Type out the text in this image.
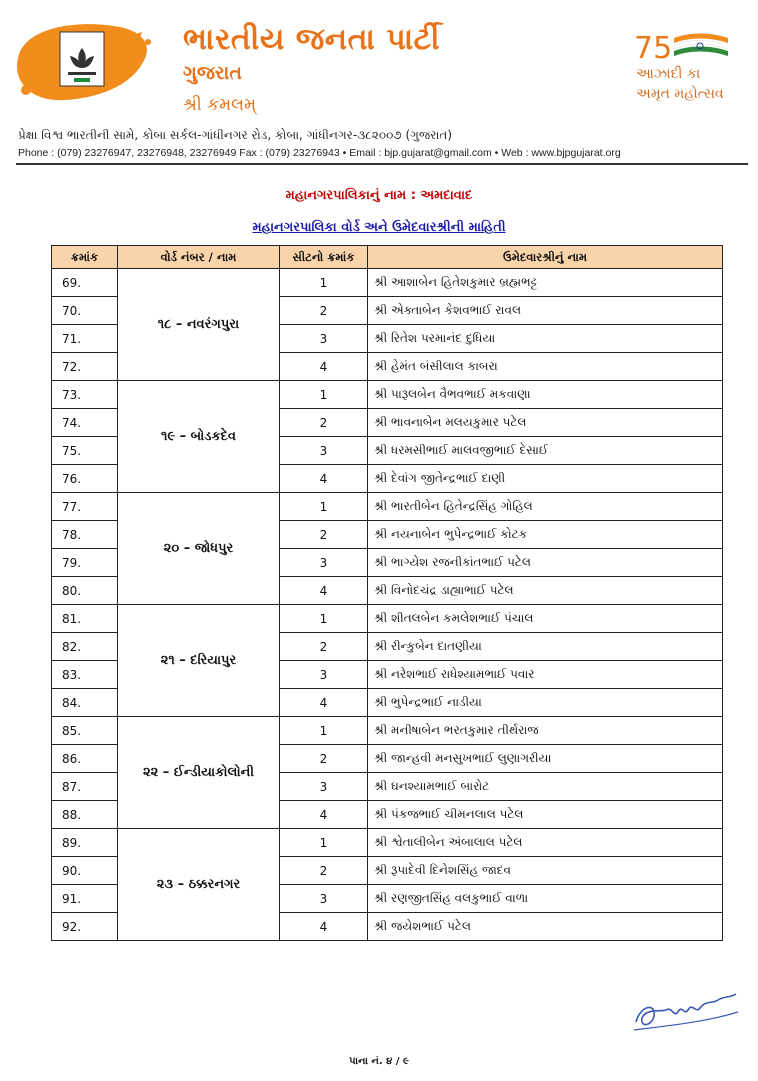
ભારતીય જનતા પાર્ટી
ગુજરાત
શ્રી કમલમ્
75
આઝાદી કા
અમૃત મહોત્સવ
પ્રેક્ષા વિશ્વ ભારતીની સામે, કોબા સર્કલ-ગાંધીનગર રોડ, કોબા, ગાંધીનગર-૩૮૨૦૦૭ (ગુજરાત)
Phone : (079) 23276947, 23276948, 23276949 Fax : (079) 23276943 • Email : bjp.gujarat@gmail.com • Web : www.bjpgujarat.org
મહાનગરપાલિકાનું નામ : અમદાવાદ
મહાનગરપાલિકા વોર્ડ અને ઉમેદવારશ્રીની માહિતી
ક્રમાંક	વોર્ડ નંબર / નામ	સીટનો ક્રમાંક	ઉમેદવારશ્રીનું નામ
69.	૧૮ – નવરંગપુરા	1	શ્રી આશાબેન હિતેશકુમાર બ્રહ્મભટ્ટ
70.		2	શ્રી એક્તાબેન કેશવભાઈ રાવલ
71.		3	શ્રી રિતેશ પરમાનંદ દુધિયા
72.		4	શ્રી હેમંત બંસીલાલ કાબરા
73.	૧૯ – બોડકદેવ	1	શ્રી પારૂલબેન વૈભવભાઈ મકવાણા
74.		2	શ્રી ભાવનાબેન મલયકુમાર પટેલ
75.		3	શ્રી ધરમસીભાઈ માલવજીભાઈ દેસાઈ
76.		4	શ્રી દેવાંગ જીતેન્દ્રભાઈ દાણી
77.	૨૦ – જોધપુર	1	શ્રી ભારતીબેન હિતેન્દ્રસિંહ ગોહિલ
78.		2	શ્રી નયનાબેન ભુપેન્દ્રભાઈ કોટક
79.		3	શ્રી ભાગ્યેશ રજનીકાંતભાઈ પટેલ
80.		4	શ્રી વિનોદચંદ્ર ડાહ્યાભાઈ પટેલ
81.	૨૧ – દરિયાપુર	1	શ્રી શીતલબેન કમલેશભાઈ પંચાલ
82.		2	શ્રી રીન્કુબેન દાતણીયા
83.		3	શ્રી નરેશભાઈ રાધેશ્યામભાઈ પવાર
84.		4	શ્રી ભુપેન્દ્રભાઈ નાડીયા
85.	૨૨ – ઈન્ડીયાકોલોની	1	શ્રી મનીષાબેન ભરતકુમાર તીર્થરાજ
86.		2	શ્રી જાન્હવી મનસુખભાઈ લુણાગરીયા
87.		3	શ્રી ઘનશ્યામભાઈ બારોટ
88.		4	શ્રી પંકજભાઈ ચીમનલાલ પટેલ
89.	૨૩ – ઠક્કરનગર	1	શ્રી શ્વેતાલીબેન અંબાલાલ પટેલ
90.		2	શ્રી રૂપાદેવી દિનેશસિંહ જાદવ
91.		3	શ્રી રણજીતસિંહ વલકુભાઈ વાળા
92.		4	શ્રી જયેશભાઈ પટેલ
પાના નં. ૪ / ૯
